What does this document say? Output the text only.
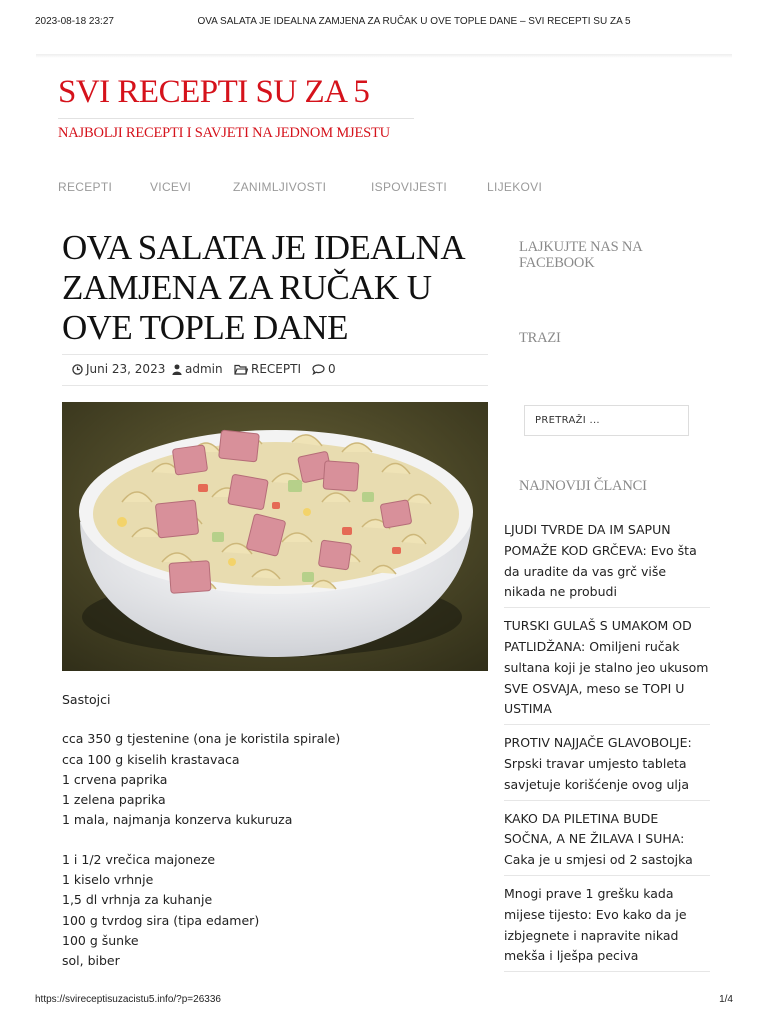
2023-08-18 23:27	OVA SALATA JE IDEALNA ZAMJENA ZA RUČAK U OVE TOPLE DANE – SVI RECEPTI SU ZA 5
SVI RECEPTI SU ZA 5
NAJBOLJI RECEPTI I SAVJETI NA JEDNOM MJESTU
RECEPTI	VICEVI	ZANIMLJIVOSTI	ISPOVIJESTI	LIJEKOVI
OVA SALATA JE IDEALNA ZAMJENA ZA RUČAK U OVE TOPLE DANE
Juni 23, 2023	admin	RECEPTI	0

Sastojci

cca 350 g tjestenine (ona je koristila spirale)

cca 100 g kiselih krastavaca

1 crvena paprika

1 zelena paprika

1 mala, najmanja konzerva kukuruza

1 i 1/2 vrečica majoneze

1 kiselo vrhnje

1,5 dl vrhnja za kuhanje

100 g tvrdog sira (tipa edamer)

100 g šunke

sol, biber

LAJKUJTE NAS NA FACEBOOK
TRAZI
PRETRAŽI ...
NAJNOVIJI ČLANCI
LJUDI TVRDE DA IM SAPUN POMAŽE KOD GRČEVA: Evo šta da uradite da vas grč više nikada ne probudi
TURSKI GULAŠ S UMAKOM OD PATLIDŽANA: Omiljeni ručak sultana koji je stalno jeo ukusom SVE OSVAJA, meso se TOPI U USTIMA
PROTIV NAJJAČE GLAVOBOLJE: Srpski travar umjesto tableta savjetuje korišćenje ovog ulja
KAKO DA PILETINA BUDE SOČNA, A NE ŽILAVA I SUHA: Caka je u smjesi od 2 sastojka
Mnogi prave 1 grešku kada mijese tijesto: Evo kako da je izbjegnete i napravite nikad mekša i lješpa peciva
https://svireceptisuzacistu5.info/?p=26336	1/4
